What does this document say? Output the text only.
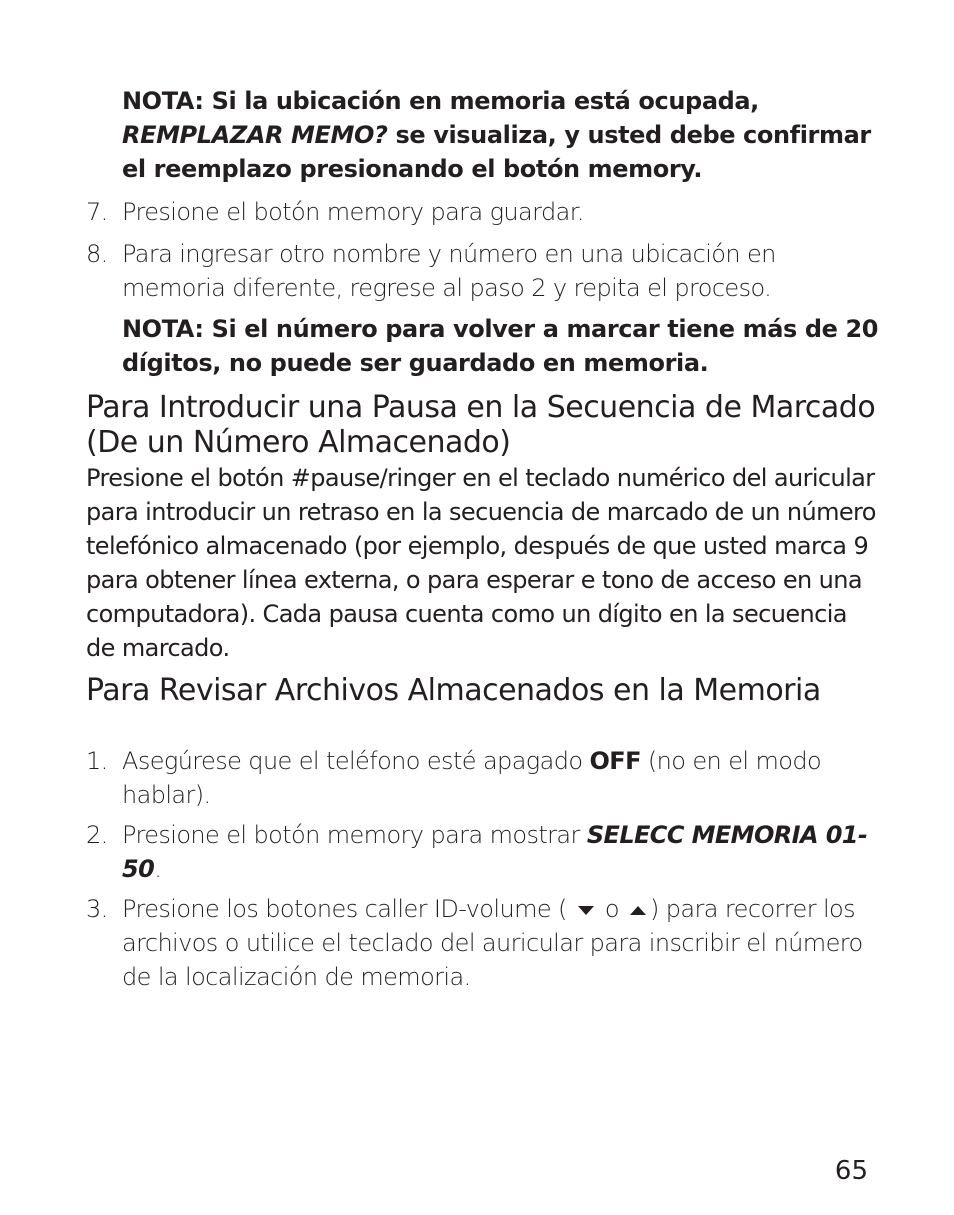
NOTA: Si la ubicación en memoria está ocupada, REMPLAZAR MEMO? se visualiza, y usted debe confirmar el reemplazo presionando el botón memory.
7. Presione el botón memory para guardar.
8. Para ingresar otro nombre y número en una ubicación en memoria diferente, regrese al paso 2 y repita el proceso.
NOTA: Si el número para volver a marcar tiene más de 20 dígitos, no puede ser guardado en memoria.
Para Introducir una Pausa en la Secuencia de Marcado (De un Número Almacenado)

Presione el botón #pause/ringer en el teclado numérico del auricular para introducir un retraso en la secuencia de marcado de un número telefónico almacenado (por ejemplo, después de que usted marca 9 para obtener línea externa, o para esperar e tono de acceso en una computadora). Cada pausa cuenta como un dígito en la secuencia de marcado.

Para Revisar Archivos Almacenados en la Memoria
1. Asegúrese que el teléfono esté apagado OFF (no en el modo hablar).
2. Presione el botón memory para mostrar SELECC MEMORIA 01-50.
3. Presione los botones caller ID-volume ( o ) para recorrer los archivos o utilice el teclado del auricular para inscribir el número de la localización de memoria.
65
